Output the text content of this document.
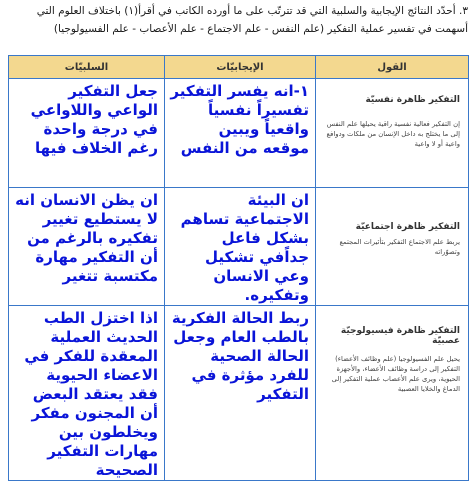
٣. أحدّد النتائج الإيجابية والسلبية التي قد تترتّب على ما أورده الكاتب في أقرأ(١) باختلاف العلوم التي أسهمت في تفسير عملية التفكير (علم النفس - علم الاجتماع - علم الأعصاب - علم الفسيولوجيا)
القول	الإيجابيّات	السلبيّات

التفكير ظاهرة نفسيّة
إن التفكير فعالية نفسية راقية يحيلها علم النفس إلى ما يختلج به داخل الإنسان من ملكات ودوافع واعية أو لا واعية	١-انه يفسر التفكير تفسيراً نفسياً واقعياً ويبين موقعه من النفس	جعل التفكير الواعي واللاواعي في درجة واحدة رغم الخلاف فيها

التفكير ظاهرة اجتماعيّة
يربط علم الاجتماع التفكير بتأثيرات المجتمع وتصوّراته	ان البيئة الاجتماعية تساهم بشكل فاعل جداًفي تشكيل وعي الانسان وتفكيره.	ان يظن الانسان انه لا يستطيع تغيير تفكيره بالرغم من أن التفكير مهارة مكتسبة تتغير

التفكير ظاهرة فيسيولوجيّة عصبيّة
يحيل علم الفسيولوجيا (علم وظائف الأعضاء) التفكير إلى دراسة وظائف الأعضاء، والأجهزة الحيوية، ويرى علم الأعصاب عملية التفكير إلى الدماغ والخلايا العصبية	ربط الحالة الفكرية بالطب العام وجعل الحالة الصحية للفرد مؤثرة في التفكير	اذا اختزل الطب الحديث العملية المعقدة للفكر في الاعضاء الحيوية فقد يعتقد البعض أن المجنون مفكر ويخلطون بين مهارات التفكير الصحيحة
